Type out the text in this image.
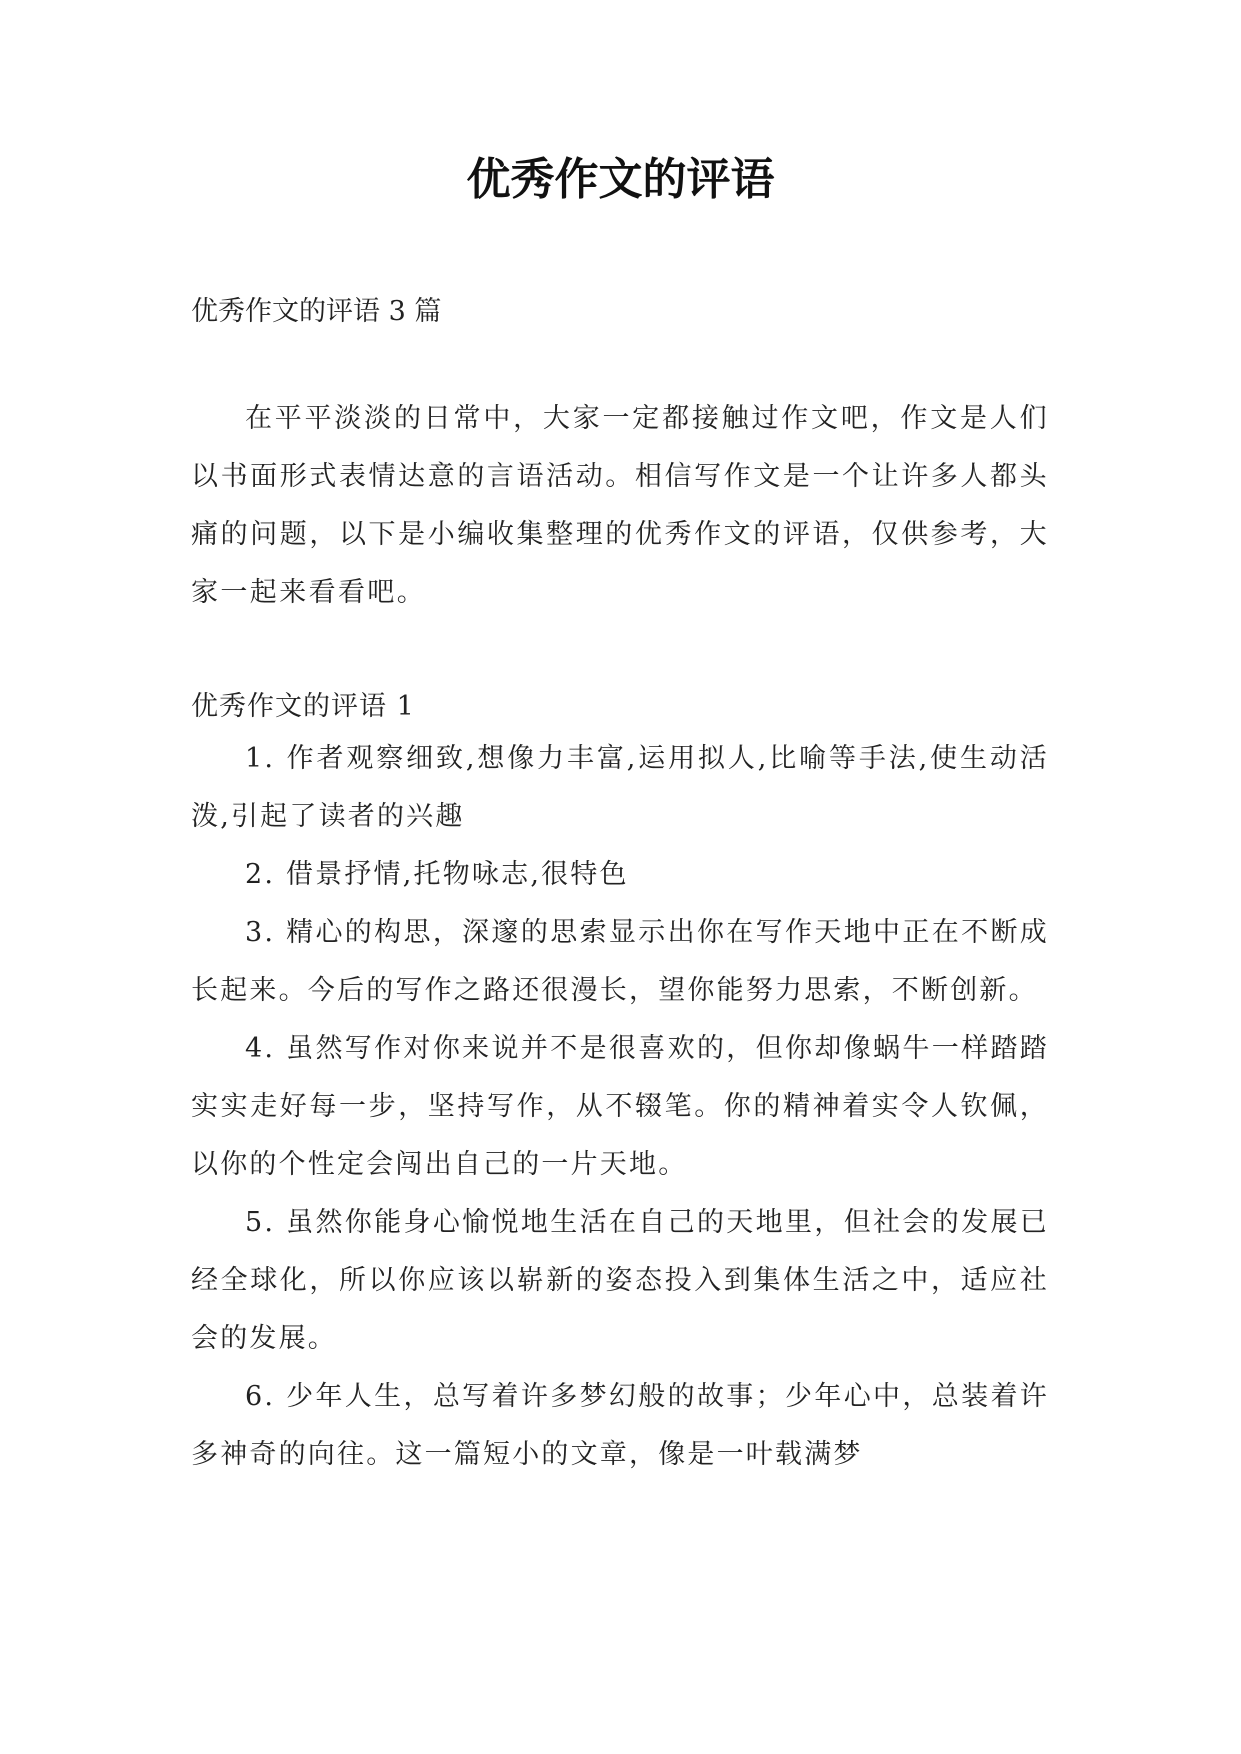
优秀作文的评语

优秀作文的评语 3 篇

在平平淡淡的日常中，大家一定都接触过作文吧，作文是人们以书面形式表情达意的言语活动。相信写作文是一个让许多人都头痛的问题，以下是小编收集整理的优秀作文的评语，仅供参考，大家一起来看看吧。

优秀作文的评语 1

1. 作者观察细致,想像力丰富,运用拟人,比喻等手法,使生动活泼,引起了读者的兴趣

2. 借景抒情,托物咏志,很特色

3. 精心的构思，深邃的思索显示出你在写作天地中正在不断成长起来。今后的写作之路还很漫长，望你能努力思索，不断创新。

4. 虽然写作对你来说并不是很喜欢的，但你却像蜗牛一样踏踏实实走好每一步，坚持写作，从不辍笔。你的精神着实令人钦佩，以你的个性定会闯出自己的一片天地。

5. 虽然你能身心愉悦地生活在自己的天地里，但社会的发展已经全球化，所以你应该以崭新的姿态投入到集体生活之中，适应社会的发展。

6. 少年人生，总写着许多梦幻般的故事；少年心中，总装着许多神奇的向往。这一篇短小的文章，像是一叶载满梦
